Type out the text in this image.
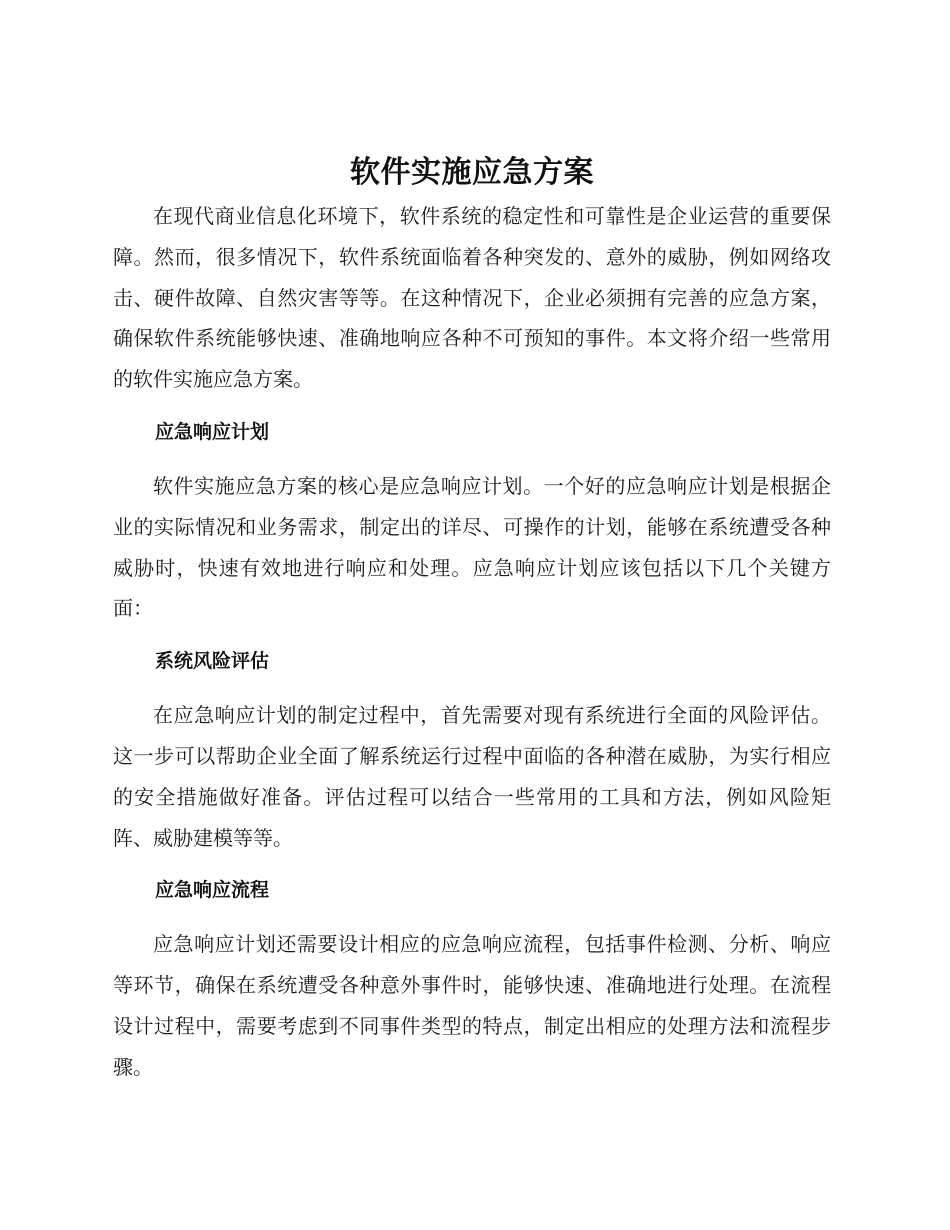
软件实施应急方案

在现代商业信息化环境下，软件系统的稳定性和可靠性是企业运营的重要保障。然而，很多情况下，软件系统面临着各种突发的、意外的威胁，例如网络攻击、硬件故障、自然灾害等等。在这种情况下，企业必须拥有完善的应急方案，确保软件系统能够快速、准确地响应各种不可预知的事件。本文将介绍一些常用的软件实施应急方案。

应急响应计划

软件实施应急方案的核心是应急响应计划。一个好的应急响应计划是根据企业的实际情况和业务需求，制定出的详尽、可操作的计划，能够在系统遭受各种威胁时，快速有效地进行响应和处理。应急响应计划应该包括以下几个关键方面：

系统风险评估

在应急响应计划的制定过程中，首先需要对现有系统进行全面的风险评估。这一步可以帮助企业全面了解系统运行过程中面临的各种潜在威胁，为实行相应的安全措施做好准备。评估过程可以结合一些常用的工具和方法，例如风险矩阵、威胁建模等等。

应急响应流程

应急响应计划还需要设计相应的应急响应流程，包括事件检测、分析、响应等环节，确保在系统遭受各种意外事件时，能够快速、准确地进行处理。在流程设计过程中，需要考虑到不同事件类型的特点，制定出相应的处理方法和流程步骤。
